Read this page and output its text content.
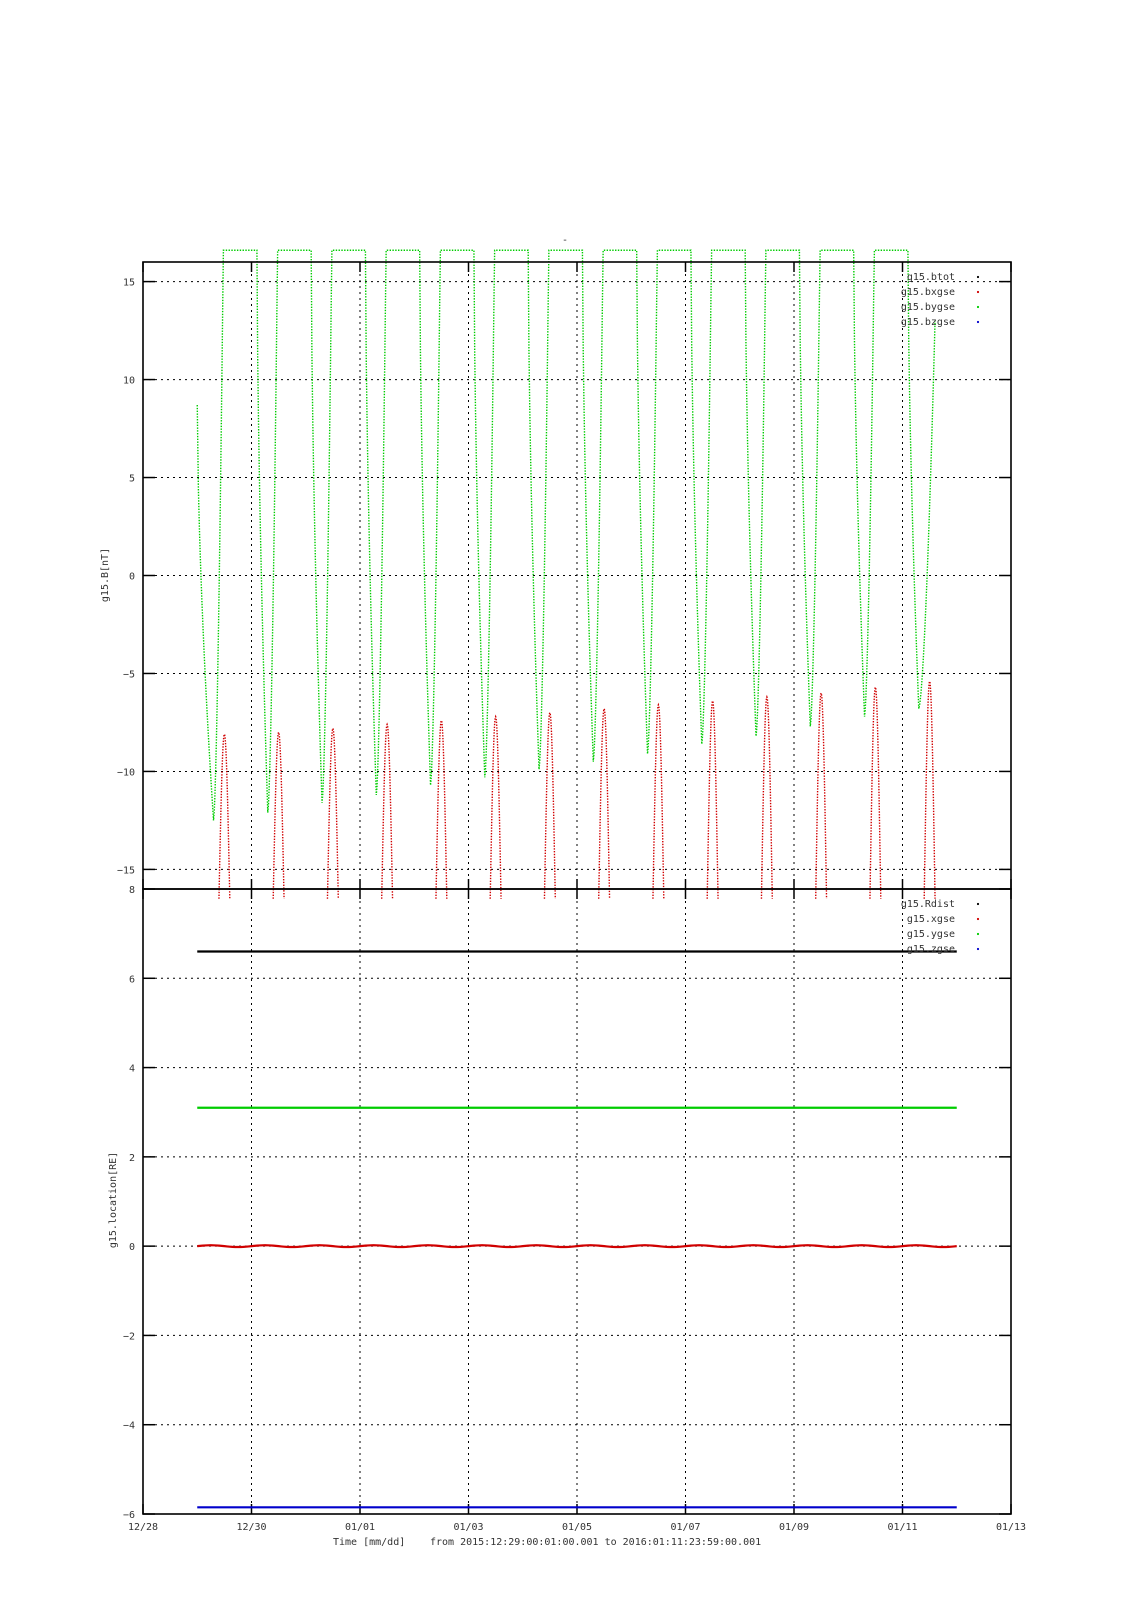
-
15
10
5
0
−5
−10
−15
g15.B[nT]
g15.btot
g15.bxgse
g15.bygse
g15.bzgse
8
6
4
2
0
−2
−4
−6
g15.location[RE]
g15.Rdist
g15.xgse
g15.ygse
g15.zgse
12/28	12/30	01/01	01/03	01/05	01/07	01/09	01/11	01/13
Time [mm/dd] from 2015:12:29:00:01:00.001 to 2016:01:11:23:59:00.001
